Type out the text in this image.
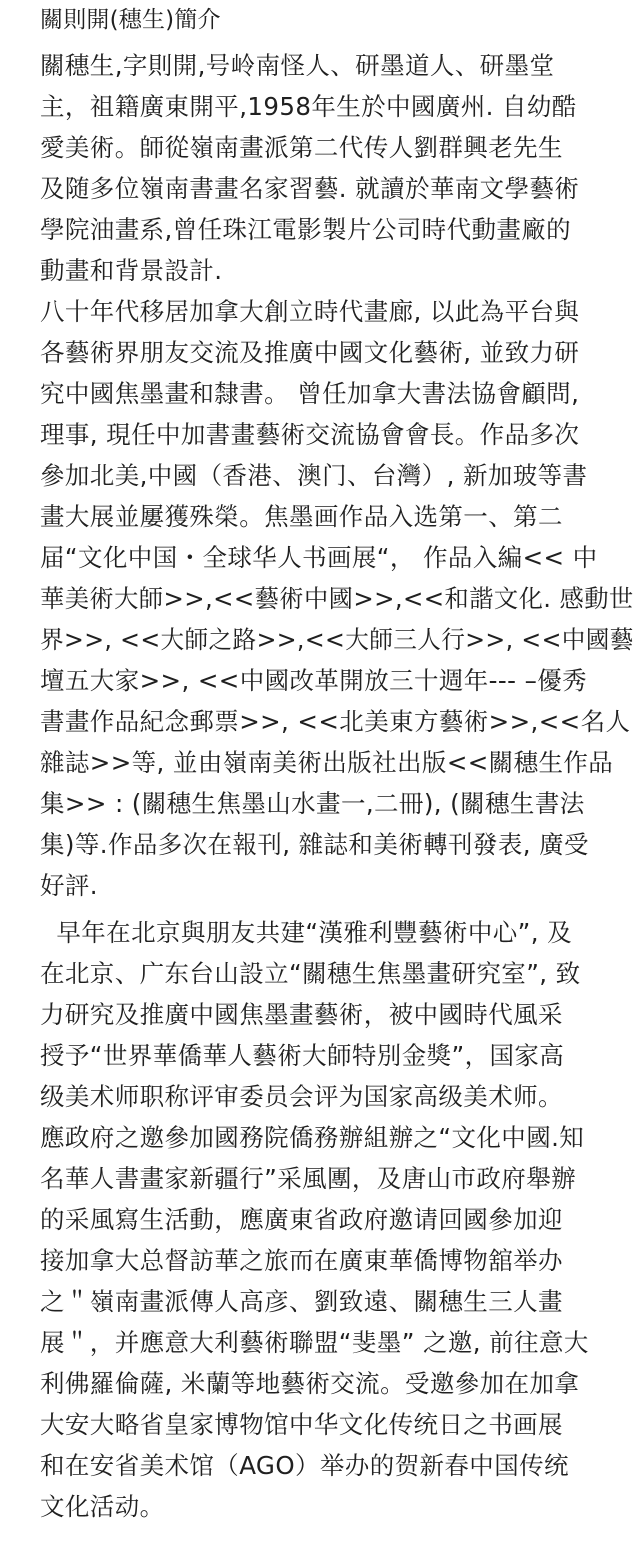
關則開(穗生)簡介
關穗生,字則開,号岭南怪人、研墨道人、研墨堂
主，祖籍廣東開平,1958年生於中國廣州. 自幼酷
愛美術。師從嶺南畫派第二代传人劉群興老先生
及随多位嶺南書畫名家習藝. 就讀於華南文學藝術
學院油畫系,曾任珠江電影製片公司時代動畫廠的
動畫和背景設計.
八十年代移居加拿大創立時代畫廊, 以此為平台與
各藝術界朋友交流及推廣中國文化藝術, 並致力研
究中國焦墨畫和隸書。 曾任加拿大書法協會顧問,
理事, 現任中加書畫藝術交流協會會長。作品多次
參加北美,中國（香港、澳门、台灣）, 新加玻等書
畫大展並屢獲殊榮。焦墨画作品入选第一、第二
届“文化中国・全球华人书画展“， 作品入編<< 中
華美術大師>>,<<藝術中國>>,<<和諧文化. 感動世
界>>, <<大師之路>>,<<大師三人行>>, <<中國藝
壇五大家>>, <<中國改革開放三十週年--- –優秀
書畫作品紀念郵票>>, <<北美東方藝術>>,<<名人
雜誌>>等, 並由嶺南美術出版社出版<<關穗生作品
集>> : (關穗生焦墨山水畫一,二冊), (關穗生書法
集)等.作品多次在報刊, 雜誌和美術轉刊發表, 廣受
好評.
早年在北京與朋友共建“漢雅利豐藝術中心”, 及
在北京、广东台山設立“關穗生焦墨畫研究室”, 致
力研究及推廣中國焦墨畫藝術，被中國時代風采
授予“世界華僑華人藝術大師特別金獎”，国家高
级美术师职称评审委员会评为国家高级美术师。
應政府之邀參加國務院僑務辦組辦之“文化中國.知
名華人書畫家新疆行”采風團，及唐山市政府舉辦
的采風寫生活動，應廣東省政府邀请回國參加迎
接加拿大总督訪華之旅而在廣東華僑博物舘举办
之＂嶺南畫派傳人高彦、劉致遠、關穗生三人畫
展＂，并應意大利藝術聯盟“斐墨” 之邀, 前往意大
利佛羅倫薩, 米蘭等地藝術交流。受邀參加在加拿
大安大略省皇家博物馆中华文化传统日之书画展
和在安省美术馆（AGO）举办的贺新春中国传统
文化活动。
